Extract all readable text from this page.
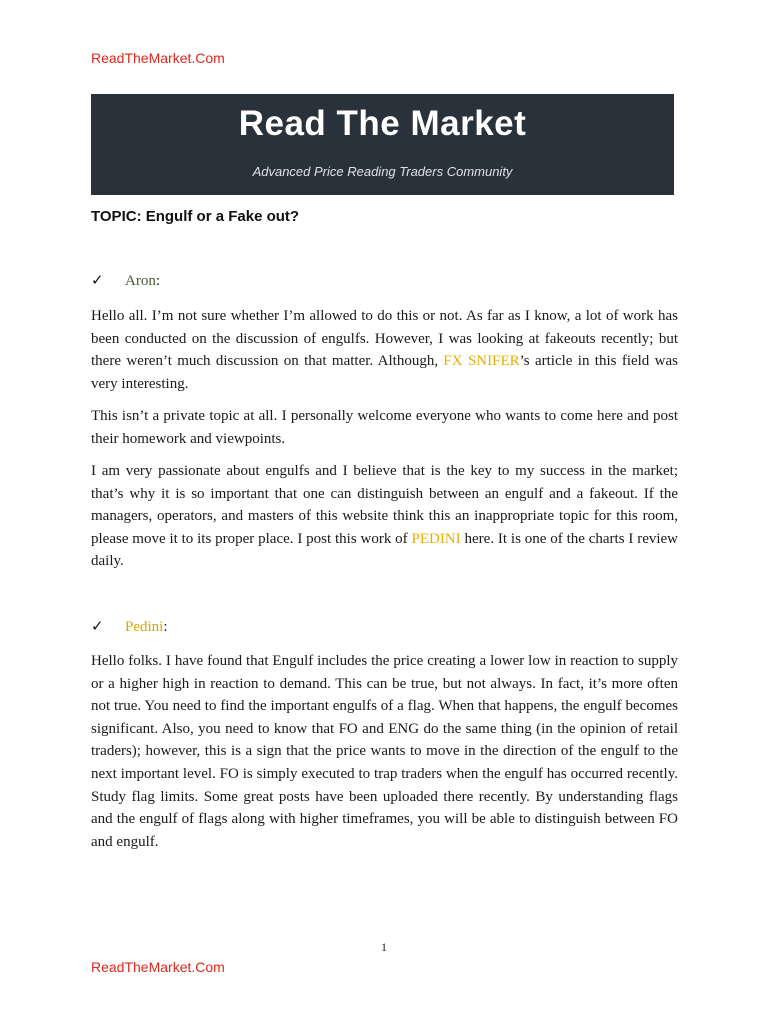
ReadTheMarket.Com
Read The Market
Advanced Price Reading Traders Community
TOPIC: Engulf or a Fake out?
✓ Aron:

Hello all. I’m not sure whether I’m allowed to do this or not. As far as I know, a lot of work has been conducted on the discussion of engulfs. However, I was looking at fakeouts recently; but there weren’t much discussion on that matter. Although, FX SNIFER’s article in this field was very interesting.

This isn’t a private topic at all. I personally welcome everyone who wants to come here and post their homework and viewpoints.

I am very passionate about engulfs and I believe that is the key to my success in the market; that’s why it is so important that one can distinguish between an engulf and a fakeout. If the managers, operators, and masters of this website think this an inappropriate topic for this room, please move it to its proper place. I post this work of PEDINI here. It is one of the charts I review daily.

✓ Pedini:

Hello folks. I have found that Engulf includes the price creating a lower low in reaction to supply or a higher high in reaction to demand. This can be true, but not always. In fact, it’s more often not true. You need to find the important engulfs of a flag. When that happens, the engulf becomes significant. Also, you need to know that FO and ENG do the same thing (in the opinion of retail traders); however, this is a sign that the price wants to move in the direction of the engulf to the next important level. FO is simply executed to trap traders when the engulf has occurred recently. Study flag limits. Some great posts have been uploaded there recently. By understanding flags and the engulf of flags along with higher timeframes, you will be able to distinguish between FO and engulf.

1
ReadTheMarket.Com
